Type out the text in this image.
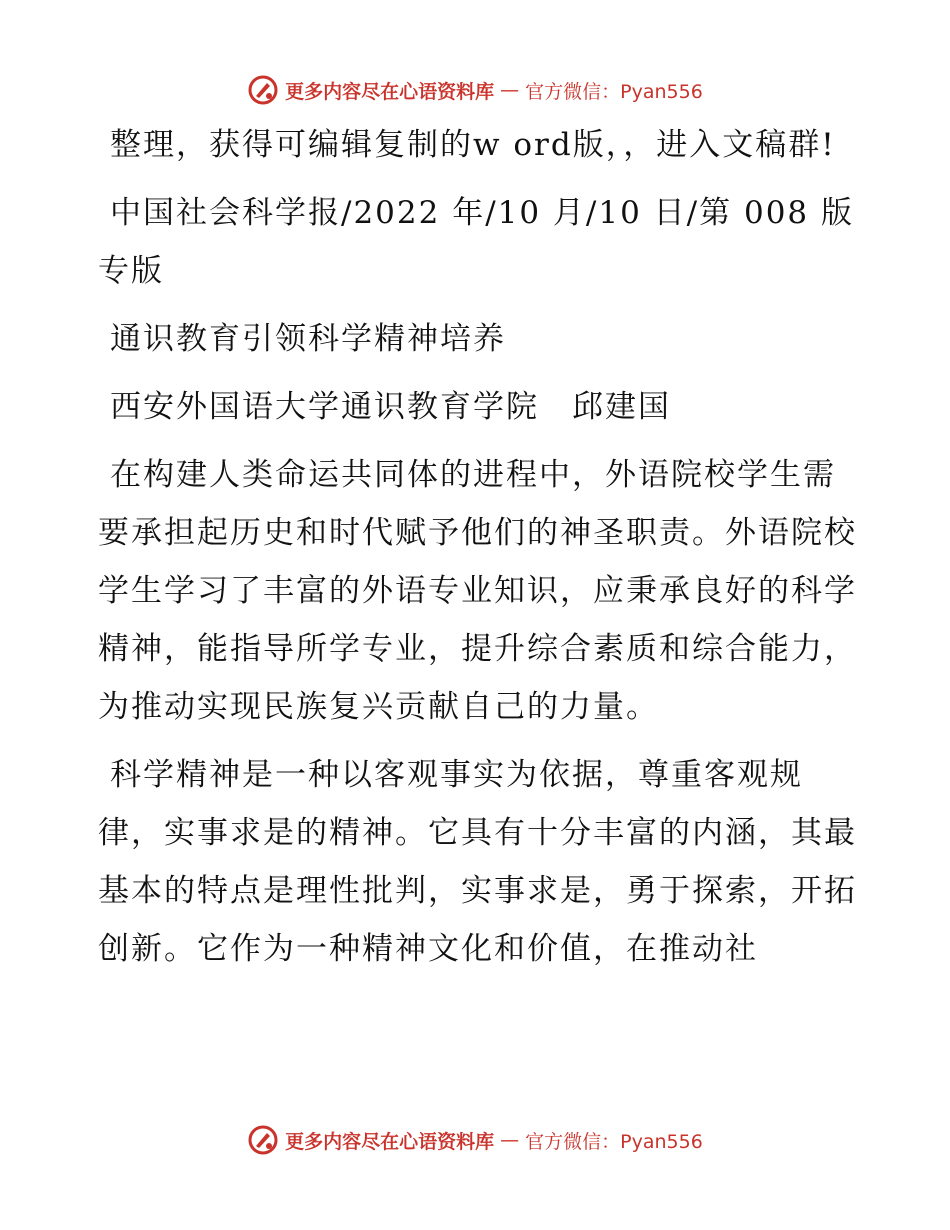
更多内容尽在心语资料库 — 官方微信：Pyan556

整理，获得可编辑复制的w ord版，，进入文稿群!

中国社会科学报/2022 年/10 月/10 日/第 008 版专版

通识教育引领科学精神培养

西安外国语大学通识教育学院　邱建国

在构建人类命运共同体的进程中，外语院校学生需要承担起历史和时代赋予他们的神圣职责。外语院校学生学习了丰富的外语专业知识，应秉承良好的科学精神，能指导所学专业，提升综合素质和综合能力，为推动实现民族复兴贡献自己的力量。

科学精神是一种以客观事实为依据，尊重客观规律，实事求是的精神。它具有十分丰富的内涵，其最基本的特点是理性批判，实事求是，勇于探索，开拓创新。它作为一种精神文化和价值，在推动社

更多内容尽在心语资料库 — 官方微信：Pyan556
